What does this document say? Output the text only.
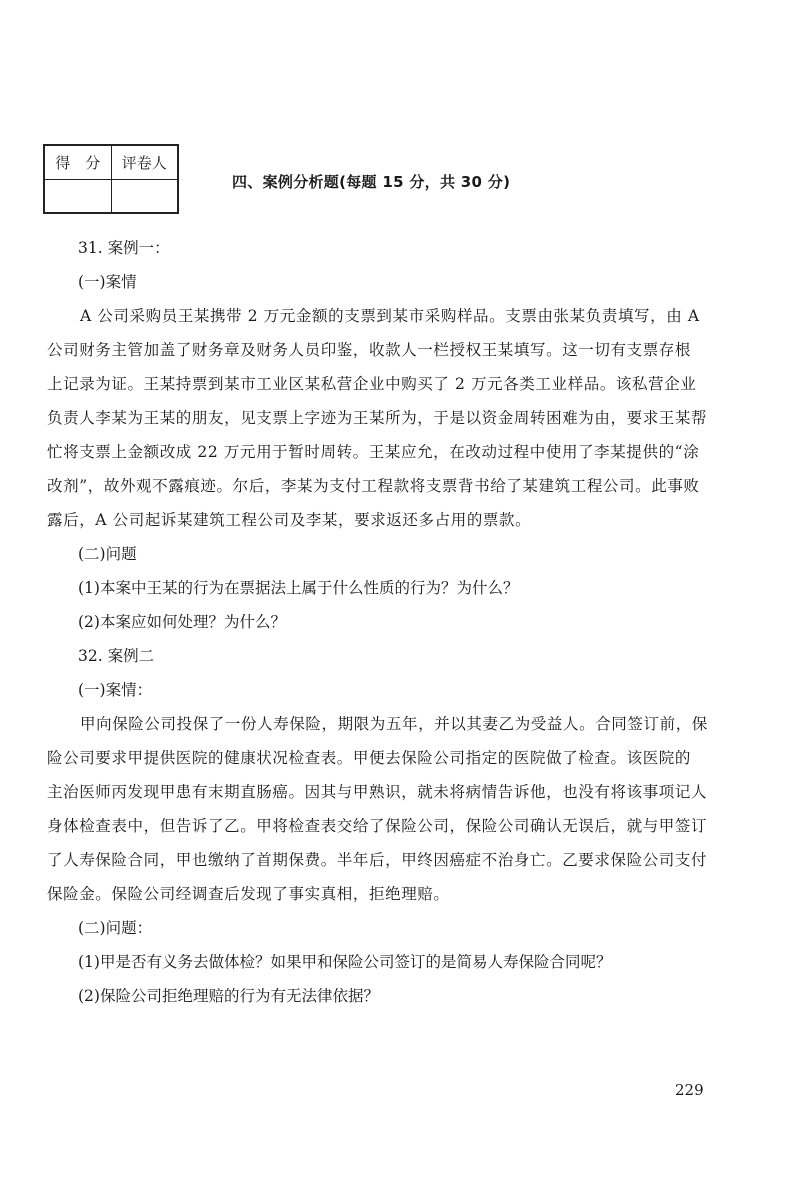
得　分	评卷人

四、案例分析题(每题 15 分，共 30 分)
31. 案例一：
(一)案情
A 公司采购员王某携带 2 万元金额的支票到某市采购样品。支票由张某负责填写，由 A
公司财务主管加盖了财务章及财务人员印鉴，收款人一栏授权王某填写。这一切有支票存根
上记录为证。王某持票到某市工业区某私营企业中购买了 2 万元各类工业样品。该私营企业
负责人李某为王某的朋友，见支票上字迹为王某所为，于是以资金周转困难为由，要求王某帮
忙将支票上金额改成 22 万元用于暂时周转。王某应允，在改动过程中使用了李某提供的“涂
改剂”，故外观不露痕迹。尔后，李某为支付工程款将支票背书给了某建筑工程公司。此事败
露后，A 公司起诉某建筑工程公司及李某，要求返还多占用的票款。
(二)问题
(1)本案中王某的行为在票据法上属于什么性质的行为？为什么？
(2)本案应如何处理？为什么？
32. 案例二
(一)案情：
甲向保险公司投保了一份人寿保险，期限为五年，并以其妻乙为受益人。合同签订前，保
险公司要求甲提供医院的健康状况检查表。甲便去保险公司指定的医院做了检查。该医院的
主治医师丙发现甲患有末期直肠癌。因其与甲熟识，就未将病情告诉他，也没有将该事项记人
身体检查表中，但告诉了乙。甲将检查表交给了保险公司，保险公司确认无误后，就与甲签订
了人寿保险合同，甲也缴纳了首期保费。半年后，甲终因癌症不治身亡。乙要求保险公司支付
保险金。保险公司经调查后发现了事实真相，拒绝理赔。
(二)问题：
(1)甲是否有义务去做体检？如果甲和保险公司签订的是简易人寿保险合同呢？
(2)保险公司拒绝理赔的行为有无法律依据？
229
